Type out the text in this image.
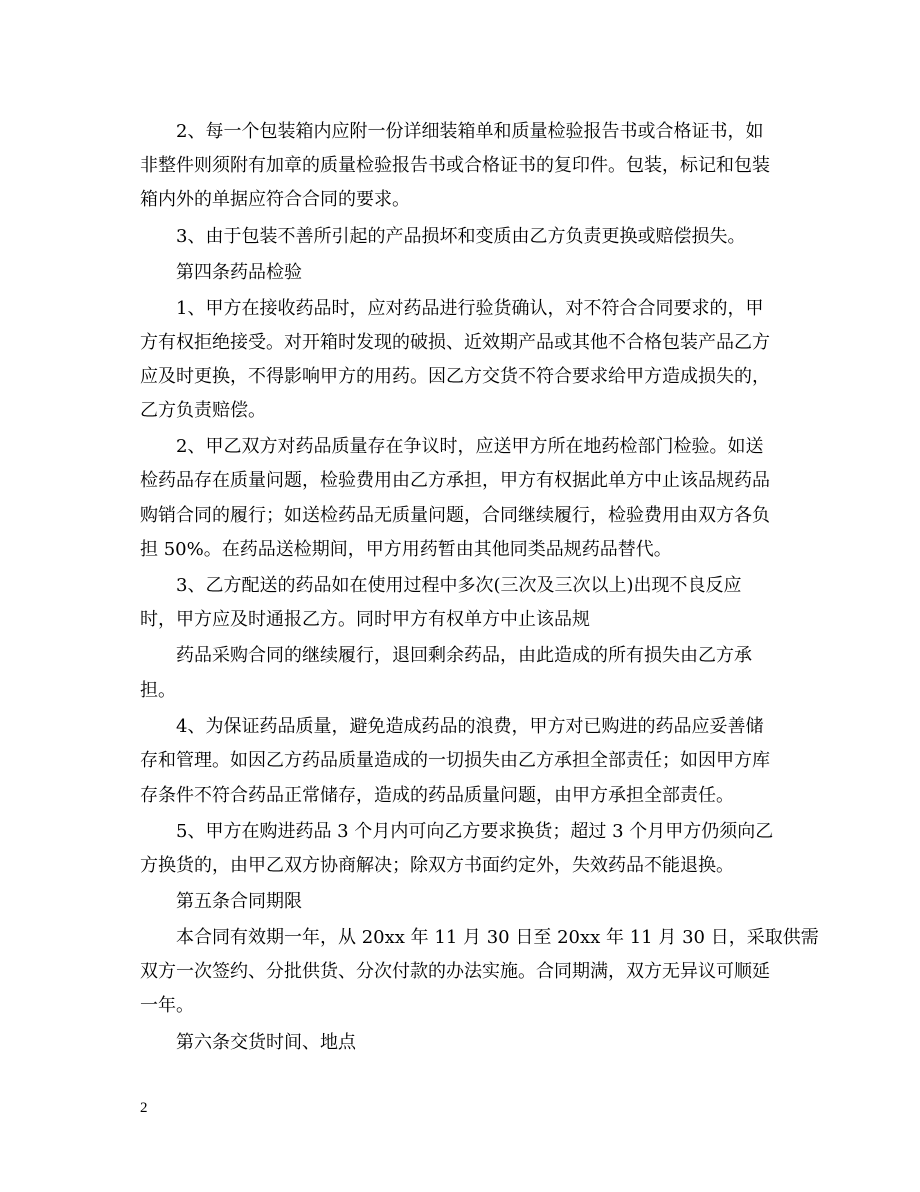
2、每一个包装箱内应附一份详细装箱单和质量检验报告书或合格证书，如

非整件则须附有加章的质量检验报告书或合格证书的复印件。包装，标记和包装

箱内外的单据应符合合同的要求。

3、由于包装不善所引起的产品损坏和变质由乙方负责更换或赔偿损失。

第四条药品检验

1、甲方在接收药品时，应对药品进行验货确认，对不符合合同要求的，甲

方有权拒绝接受。对开箱时发现的破损、近效期产品或其他不合格包装产品乙方

应及时更换，不得影响甲方的用药。因乙方交货不符合要求给甲方造成损失的，

乙方负责赔偿。

2、甲乙双方对药品质量存在争议时，应送甲方所在地药检部门检验。如送

检药品存在质量问题，检验费用由乙方承担，甲方有权据此单方中止该品规药品

购销合同的履行；如送检药品无质量问题，合同继续履行，检验费用由双方各负

担 50%。在药品送检期间，甲方用药暂由其他同类品规药品替代。

3、乙方配送的药品如在使用过程中多次(三次及三次以上)出现不良反应

时，甲方应及时通报乙方。同时甲方有权单方中止该品规

药品采购合同的继续履行，退回剩余药品，由此造成的所有损失由乙方承

担。

4、为保证药品质量，避免造成药品的浪费，甲方对已购进的药品应妥善储

存和管理。如因乙方药品质量造成的一切损失由乙方承担全部责任；如因甲方库

存条件不符合药品正常储存，造成的药品质量问题，由甲方承担全部责任。

5、甲方在购进药品 3 个月内可向乙方要求换货；超过 3 个月甲方仍须向乙

方换货的，由甲乙双方协商解决；除双方书面约定外，失效药品不能退换。

第五条合同期限

本合同有效期一年，从 20xx 年 11 月 30 日至 20xx 年 11 月 30 日，采取供需

双方一次签约、分批供货、分次付款的办法实施。合同期满，双方无异议可顺延

一年。

第六条交货时间、地点

2
